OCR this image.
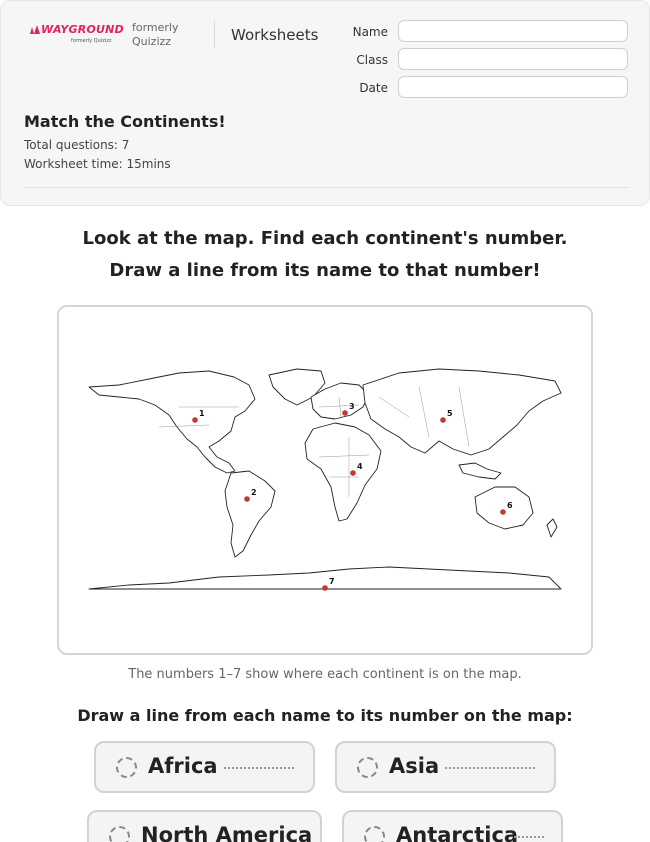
WAYGROUND
formerly Quizizz
formerly Quizizz	Worksheets	Name
Class
Date
Match the Continents!
Total questions: 7
Worksheet time: 15mins
Look at the map. Find each continent's number.
Draw a line from its name to that number!
1
2
3
4
5
6
7
The numbers 1–7 show where each continent is on the map.
Draw a line from each name to its number on the map:
Africa	Asia
North America	Antarctica
